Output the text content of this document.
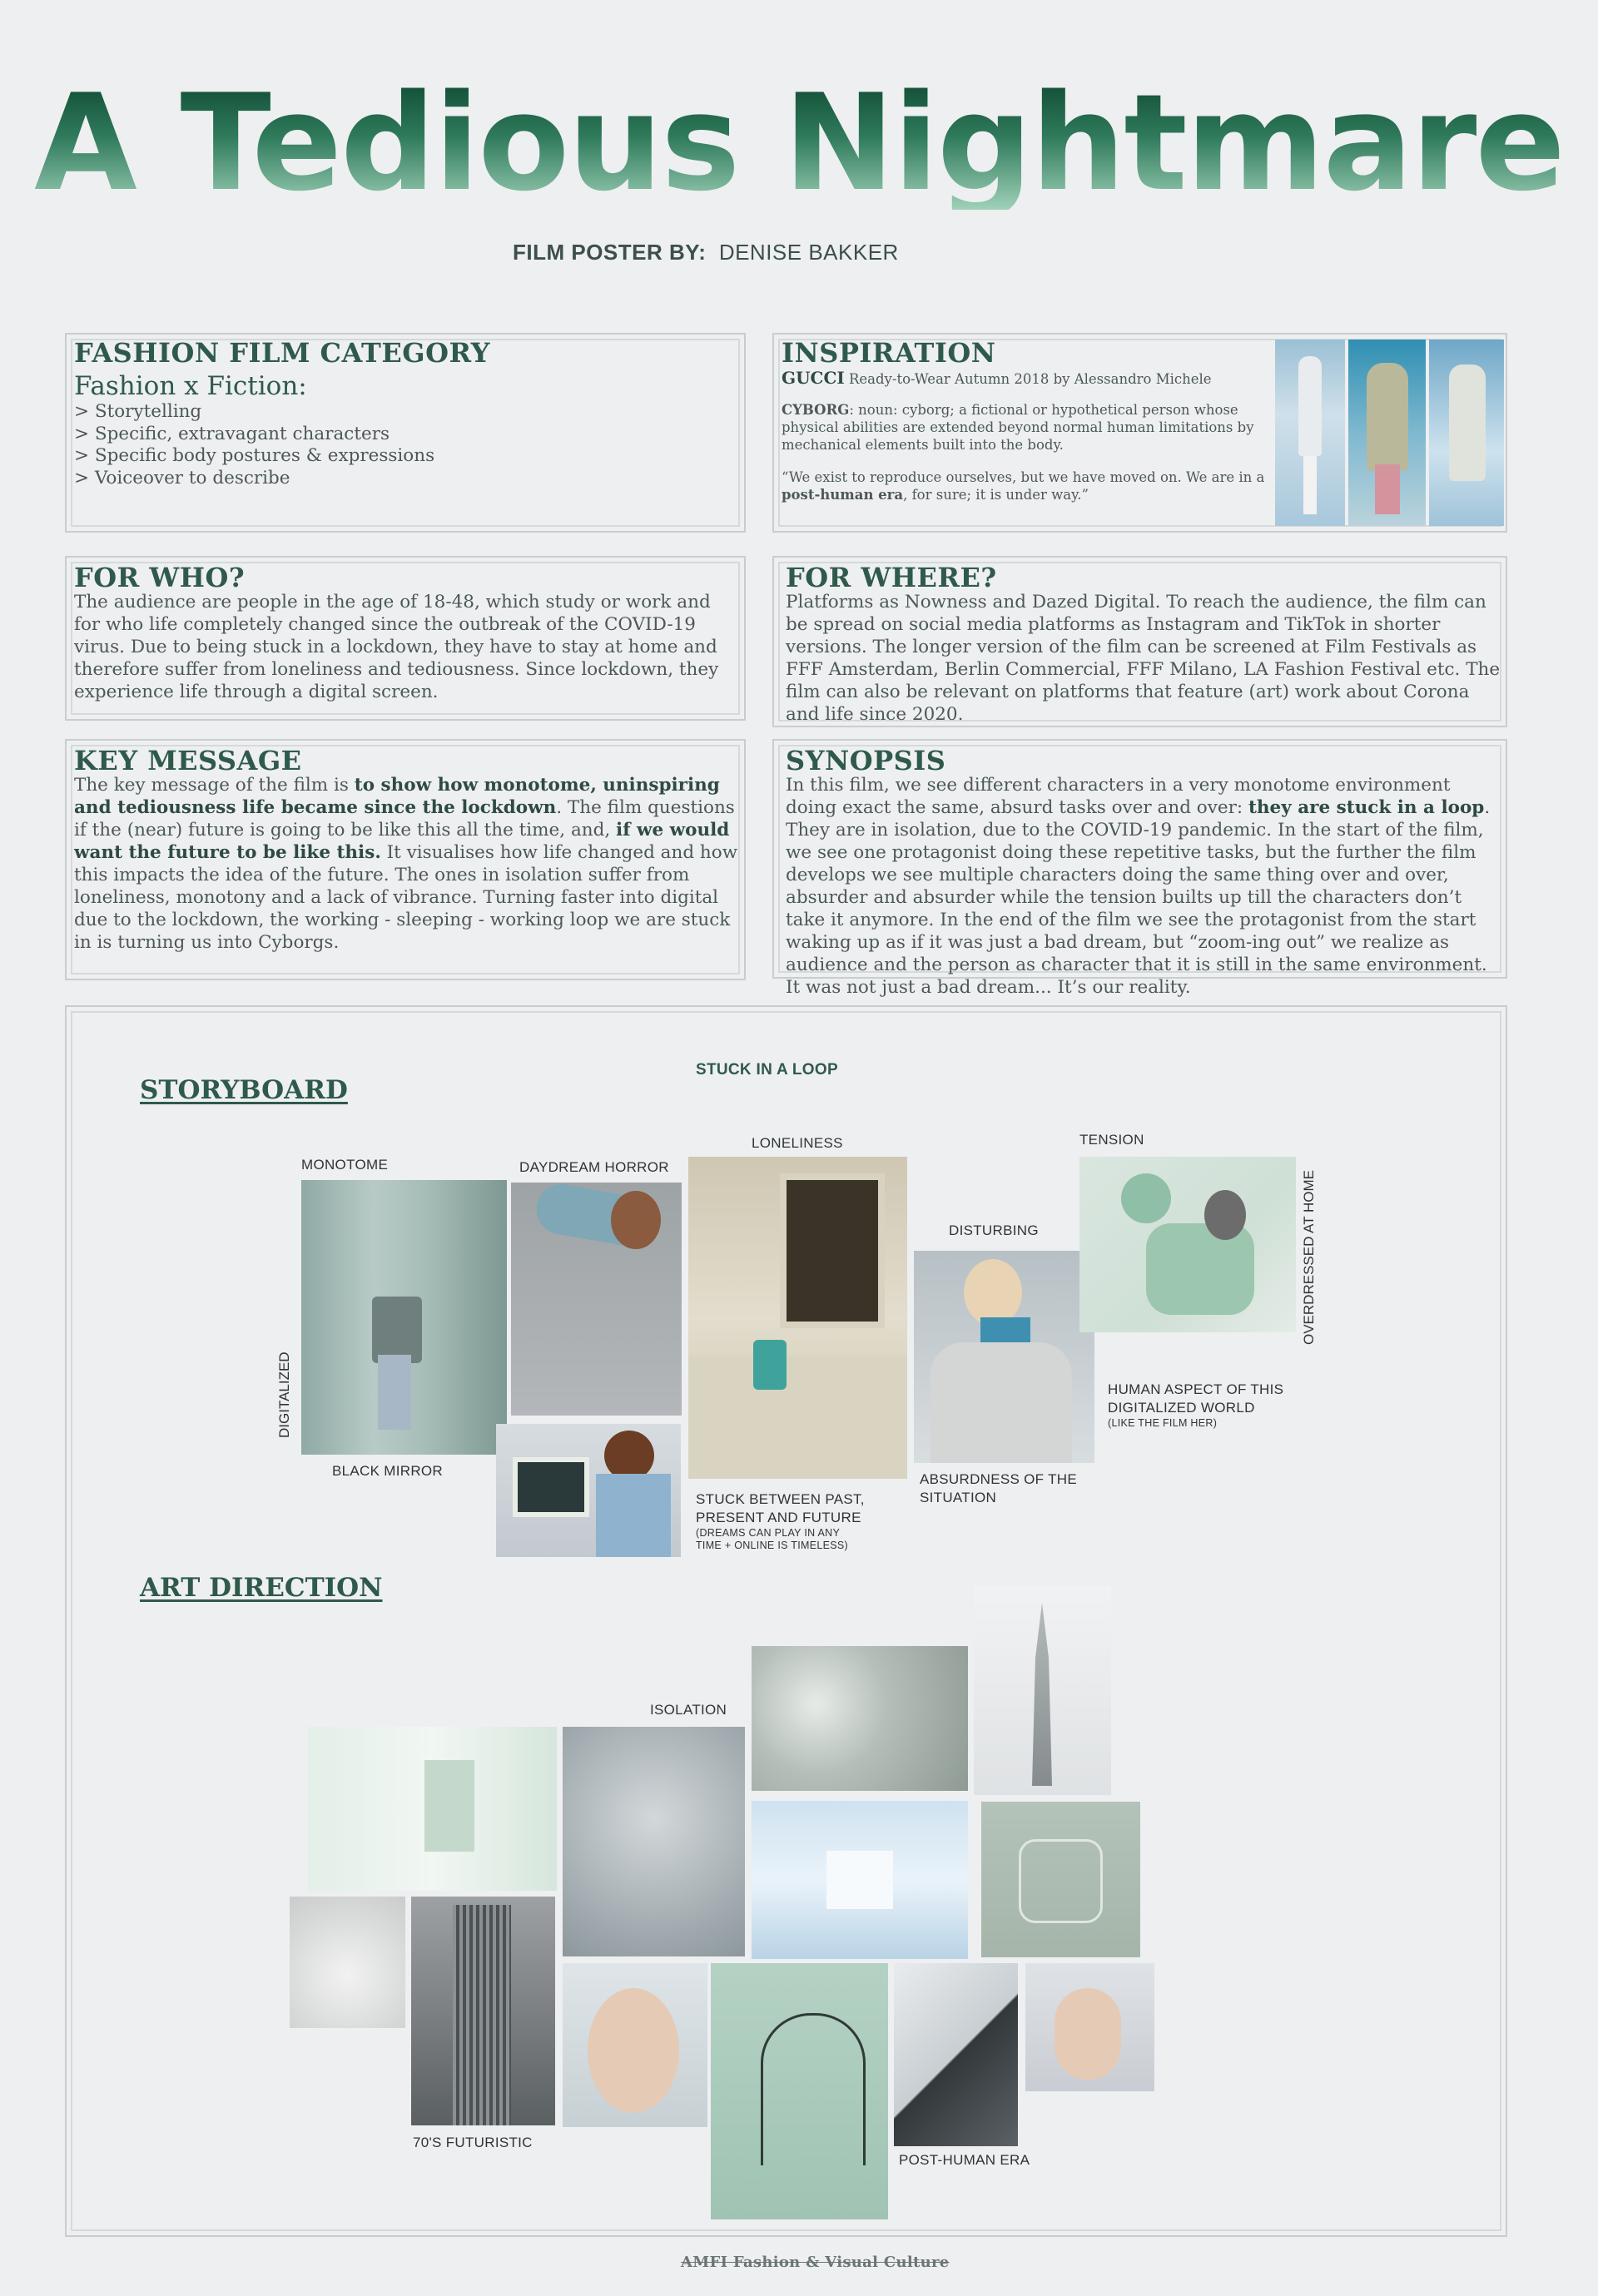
A Tedious Nightmare
FILM POSTER BY: DENISE BAKKER
FASHION FILM CATEGORY
Fashion x Fiction:
> Storytelling
> Specific, extravagant characters
> Specific body postures & expressions
> Voiceover to describe
INSPIRATION
GUCCI Ready-to-Wear Autumn 2018 by Alessandro Michele
CYBORG: noun: cyborg; a fictional or hypothetical person whose physical abilities are extended beyond normal human limitations by mechanical elements built into the body.
“We exist to reproduce ourselves, but we have moved on. We are in a post-human era, for sure; it is under way.”
FOR WHO?
The audience are people in the age of 18-48, which study or work and for who life completely changed since the outbreak of the COVID-19 virus. Due to being stuck in a lockdown, they have to stay at home and therefore suffer from loneliness and tediousness. Since lockdown, they experience life through a digital screen.
FOR WHERE?
Platforms as Nowness and Dazed Digital. To reach the audience, the film can be spread on social media platforms as Instagram and TikTok in shorter versions. The longer version of the film can be screened at Film Festivals as FFF Amsterdam, Berlin Commercial, FFF Milano, LA Fashion Festival etc. The film can also be relevant on platforms that feature (art) work about Corona and life since 2020.
KEY MESSAGE
The key message of the film is to show how monotome, uninspiring and tediousness life became since the lockdown. The film questions if the (near) future is going to be like this all the time, and, if we would want the future to be like this. It visualises how life changed and how this impacts the idea of the future. The ones in isolation suffer from loneliness, monotony and a lack of vibrance. Turning faster into digital due to the lockdown, the working - sleeping - working loop we are stuck in is turning us into Cyborgs.
SYNOPSIS
In this film, we see different characters in a very monotome environment doing exact the same, absurd tasks over and over: they are stuck in a loop. They are in isolation, due to the COVID-19 pandemic. In the start of the film, we see one protagonist doing these repetitive tasks, but the further the film develops we see multiple characters doing the same thing over and over, absurder and absurder while the tension builts up till the characters don’t take it anymore. In the end of the film we see the protagonist from the start waking up as if it was just a bad dream, but “zoom-ing out” we realize as audience and the person as character that it is still in the same environment. It was not just a bad dream... It’s our reality.
STORYBOARD
STUCK IN A LOOP
MONOTOME	DAYDREAM HORROR
LONELINESS	TENSION
DISTURBING
DIGITALIZED
BLACK MIRROR
STUCK BETWEEN PAST,
PRESENT AND FUTURE
(DREAMS CAN PLAY IN ANY
TIME + ONLINE IS TIMELESS)
ABSURDNESS OF THE
SITUATION
OVERDRESSED AT HOME
HUMAN ASPECT OF THIS
DIGITALIZED WORLD
(LIKE THE FILM HER)
ART DIRECTION
ISOLATION
70'S FUTURISTIC
POST-HUMAN ERA
AMFI Fashion & Visual Culture
